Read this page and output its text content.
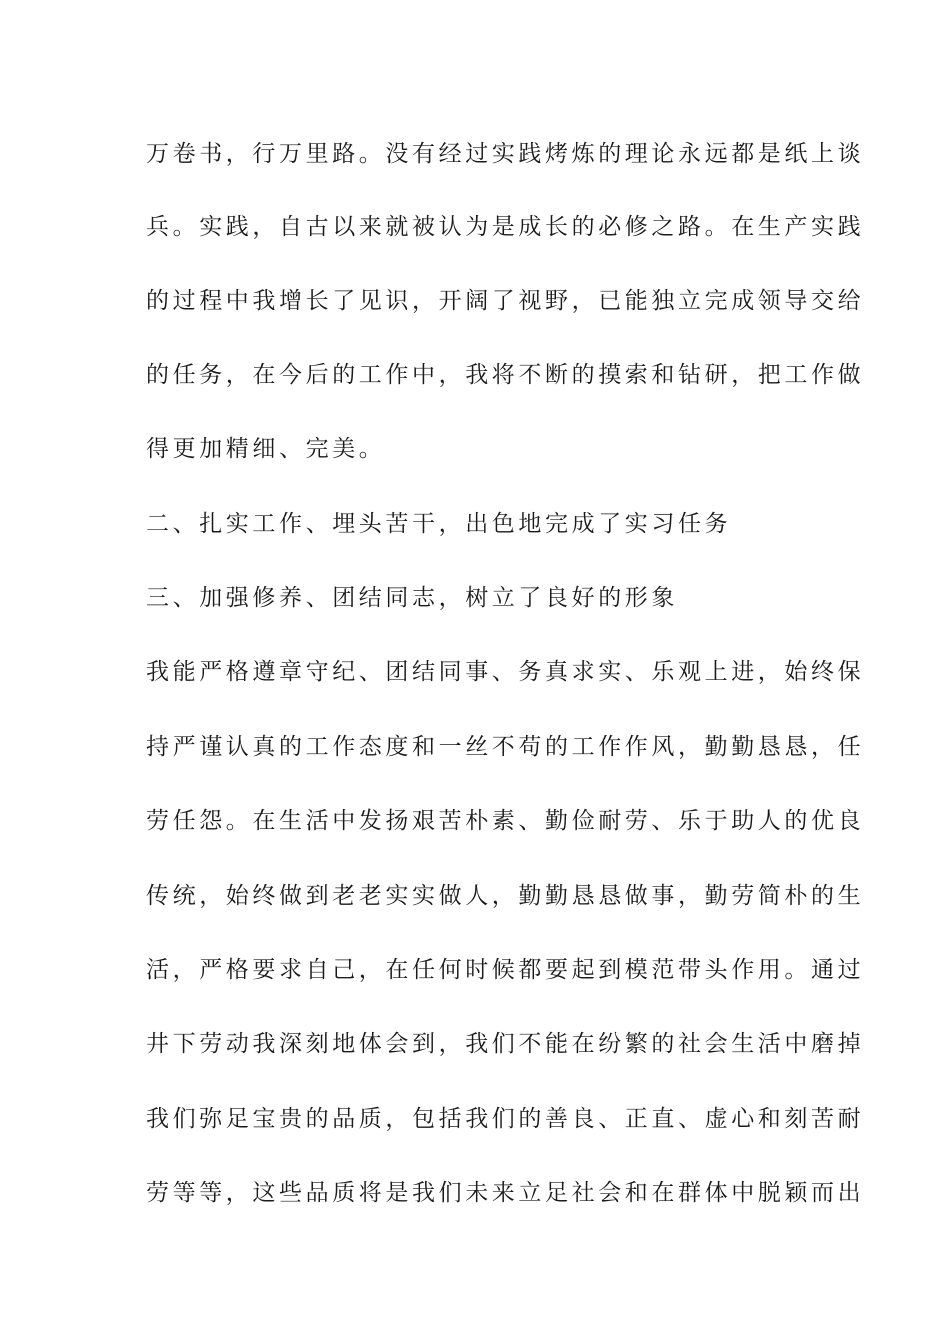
万卷书，行万里路。没有经过实践烤炼的理论永远都是纸上谈
兵。实践，自古以来就被认为是成长的必修之路。在生产实践
的过程中我增长了见识，开阔了视野，已能独立完成领导交给
的任务，在今后的工作中，我将不断的摸索和钻研，把工作做
得更加精细、完美。
二、扎实工作、埋头苦干，出色地完成了实习任务
三、加强修养、团结同志，树立了良好的形象
我能严格遵章守纪、团结同事、务真求实、乐观上进，始终保
持严谨认真的工作态度和一丝不苟的工作作风，勤勤恳恳，任
劳任怨。在生活中发扬艰苦朴素、勤俭耐劳、乐于助人的优良
传统，始终做到老老实实做人，勤勤恳恳做事，勤劳简朴的生
活，严格要求自己，在任何时候都要起到模范带头作用。通过
井下劳动我深刻地体会到，我们不能在纷繁的社会生活中磨掉
我们弥足宝贵的品质，包括我们的善良、正直、虚心和刻苦耐
劳等等，这些品质将是我们未来立足社会和在群体中脱颖而出
